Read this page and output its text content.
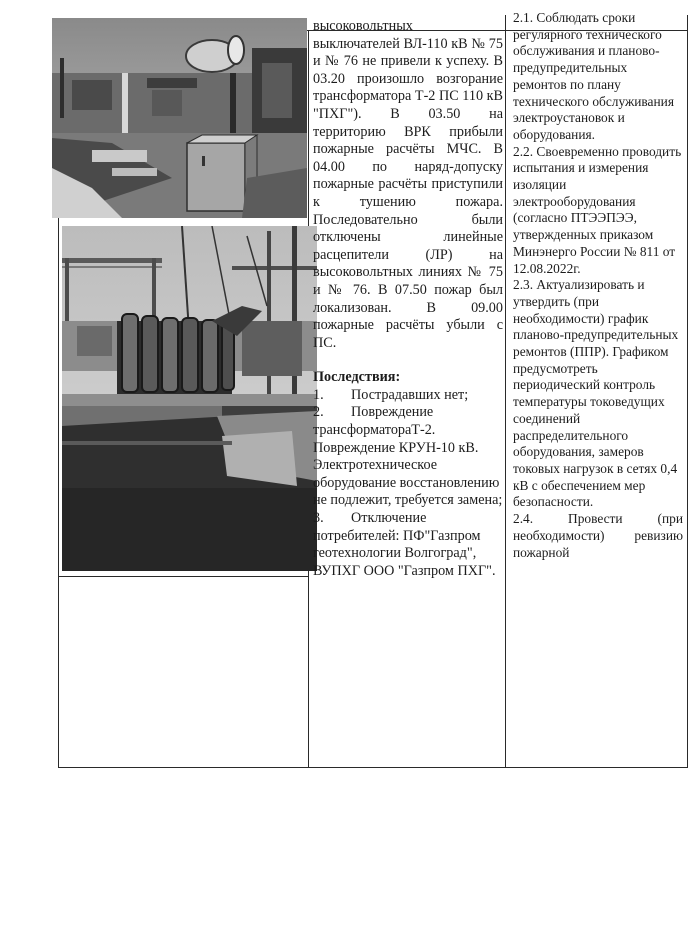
высоковольтных выключателей ВЛ-110 кВ № 75 и № 76 не привели к успеху. В 03.20 произошло возгорание трансформатора Т-2 ПС 110 кВ "ПХГ"). В 03.50 на территорию ВРК прибыли пожарные расчёты МЧС. В 04.00 по наряд-допуску пожарные расчёты приступили к тушению пожара. Последовательно были отключены линейные расцепители (ЛР) на высоковольтных линиях № 75 и № 76. В 07.50 пожар был локализован. В 09.00 пожарные расчёты убыли с ПС.
Последствия:
1.	Пострадавших нет;
2.	Повреждение
трансформатораТ-2. Повреждение КРУН-10 кВ. Электротехническое оборудование восстановлению не подлежит, требуется замена;
3.	Отключение
потребителей: ПФ"Газпром геотехнологии Волгоград", ВУПХГ ООО "Газпром ПХГ".

2.1. Соблюдать сроки регулярного технического обслуживания и планово-предупредительных ремонтов по плану технического обслуживания электроустановок и оборудования.

2.2. Своевременно проводить испытания и измерения изоляции электрооборудования (согласно ПТЭЭПЭЭ, утвержденных приказом Минэнерго России № 811 от 12.08.2022г.

2.3. Актуализировать и утвердить (при необходимости) график планово-предупредительных ремонтов (ППР). Графиком предусмотреть периодический контроль температуры токоведущих соединений распределительного оборудования, замеров токовых нагрузок в сетях 0,4 кВ с обеспечением мер безопасности.

2.4. Провести (при необходимости) ревизию пожарной
